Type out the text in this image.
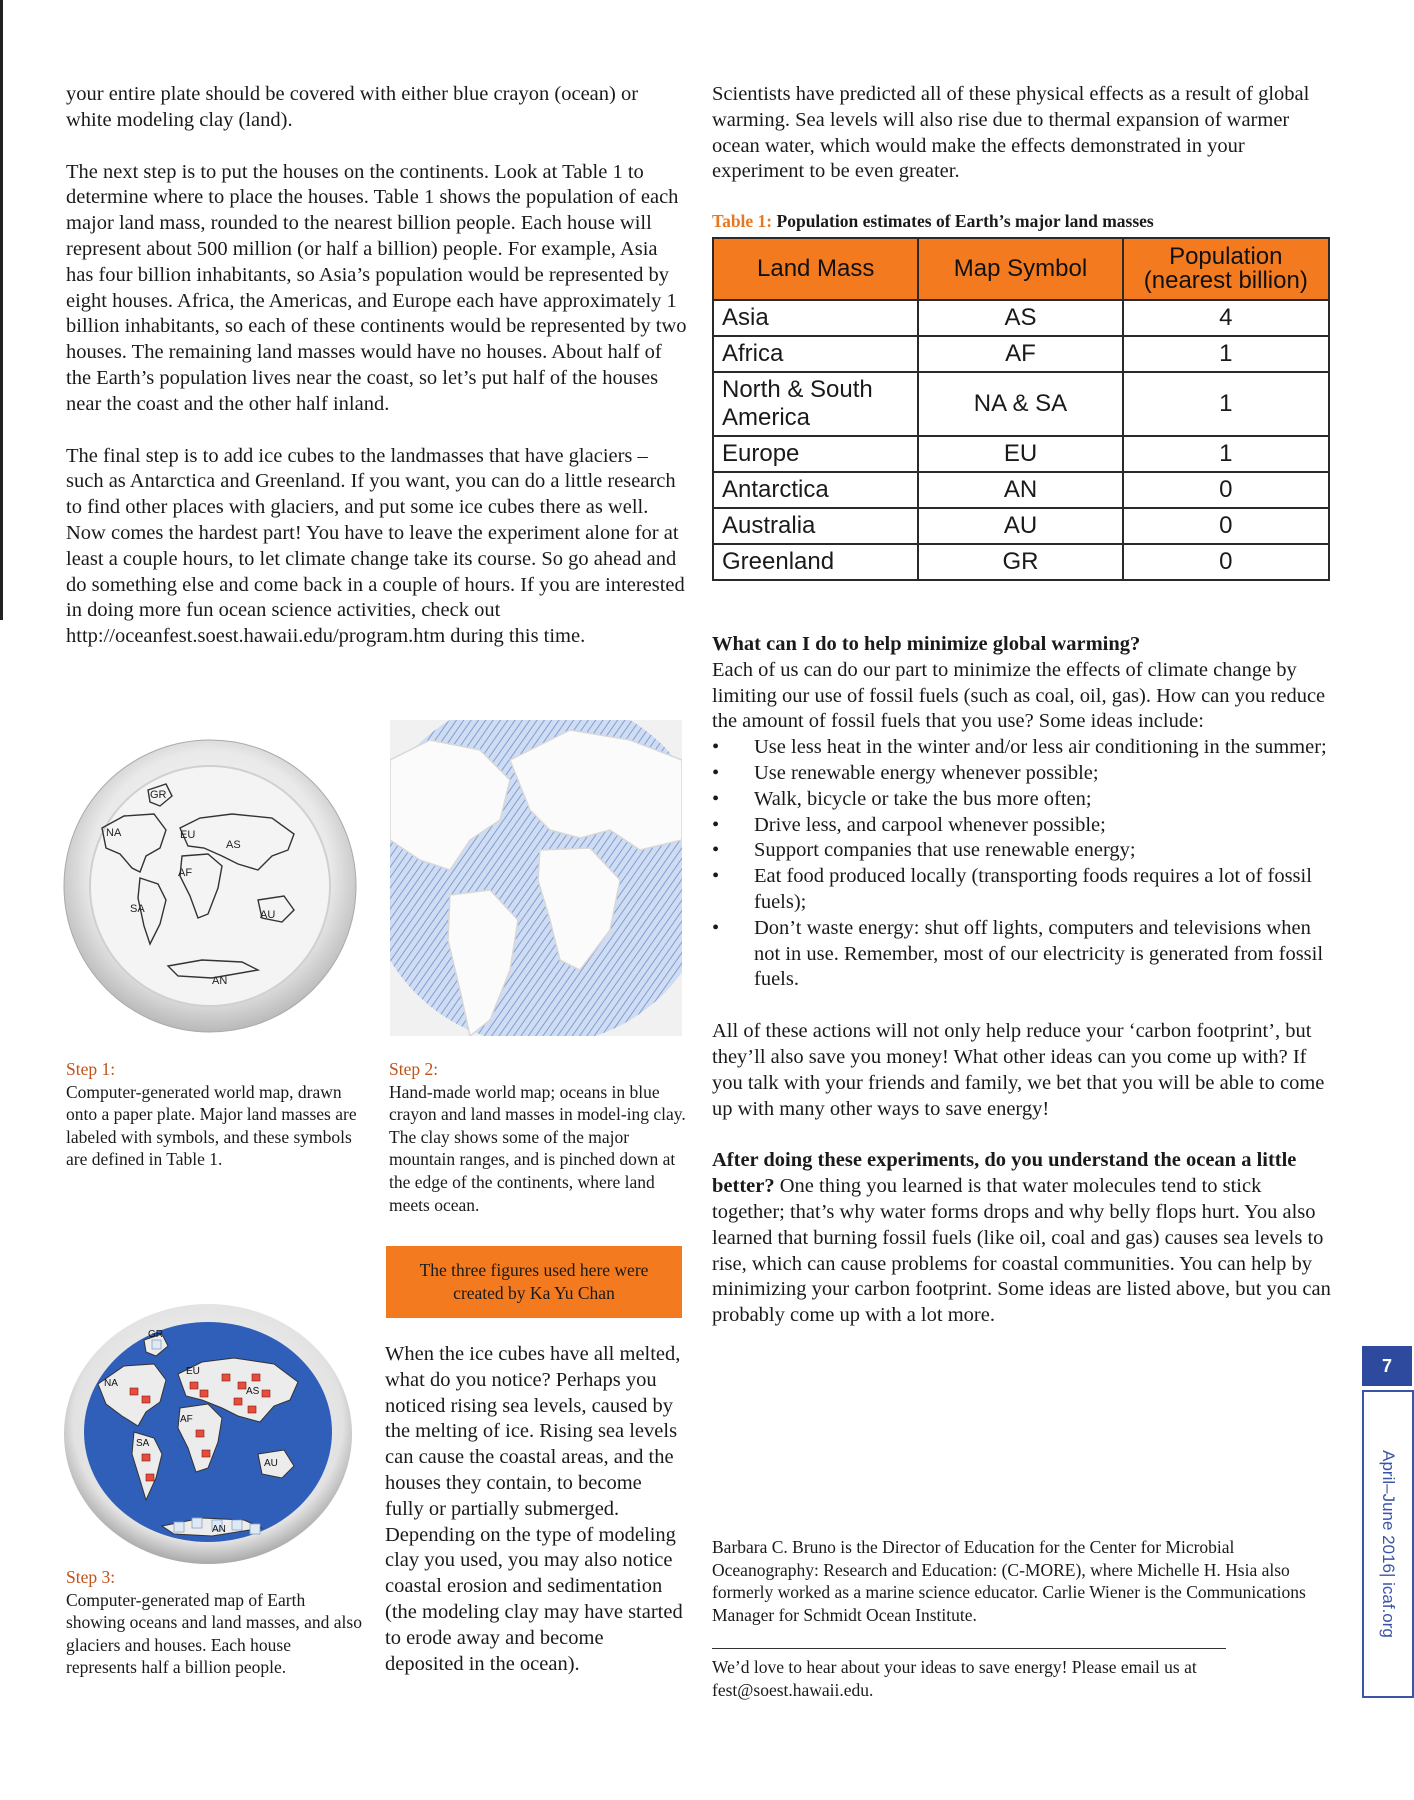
your entire plate should be covered with either blue crayon (ocean) or white modeling clay (land).

The next step is to put the houses on the continents. Look at Table 1 to determine where to place the houses. Table 1 shows the population of each major land mass, rounded to the nearest billion people. Each house will represent about 500 million (or half a billion) people. For example, Asia has four billion inhabitants, so Asia’s population would be represented by eight houses. Africa, the Americas, and Europe each have approximately 1 billion inhabitants, so each of these continents would be represented by two houses. The remaining land masses would have no houses. About half of the Earth’s population lives near the coast, so let’s put half of the houses near the coast and the other half inland.

The final step is to add ice cubes to the landmasses that have glaciers – such as Antarctica and Greenland. If you want, you can do a little research to find other places with glaciers, and put some ice cubes there as well. Now comes the hardest part! You have to leave the experiment alone for at least a couple hours, to let climate change take its course. So go ahead and do something else and come back in a couple of hours. If you are interested in doing more fun ocean science activities, check out http://oceanfest.soest.hawaii.edu/program.htm during this time.

GR
NA	EU
AS
AF
SA	AU
AN
Step 1:
Computer-generated world map, drawn onto a paper plate. Major land masses are labeled with symbols, and these symbols are defined in Table 1.
Step 2:
Hand-made world map; oceans in blue crayon and land masses in model-ing clay. The clay shows some of the major mountain ranges, and is pinched down at the edge of the continents, where land meets ocean.
The three figures used here were created by Ka Yu Chan
GR
NA
EU
AS
AF
SA
AU
AN
Step 3:
Computer-generated map of Earth showing oceans and land masses, and also glaciers and houses. Each house represents half a billion people.
When the ice cubes have all melted, what do you notice? Perhaps you noticed rising sea levels, caused by the melting of ice. Rising sea levels can cause the coastal areas, and the houses they contain, to become fully or partially submerged. Depending on the type of modeling clay you used, you may also notice coastal erosion and sedimentation (the modeling clay may have started to erode away and become deposited in the ocean).
Scientists have predicted all of these physical effects as a result of global warming. Sea levels will also rise due to thermal expansion of warmer ocean water, which would make the effects demonstrated in your experiment to be even greater.
Table 1: Population estimates of Earth’s major land masses
Land Mass	Map Symbol	Population (nearest billion)
Asia	AS	4
Africa	AF	1
North & South America	NA & SA	1
Europe	EU	1
Antarctica	AN	0
Australia	AU	0
Greenland	GR	0
What can I do to help minimize global warming?
Each of us can do our part to minimize the effects of climate change by limiting our use of fossil fuels (such as coal, oil, gas). How can you reduce the amount of fossil fuels that you use? Some ideas include:
• Use less heat in the winter and/or less air conditioning in the summer;
• Use renewable energy whenever possible;
• Walk, bicycle or take the bus more often;
• Drive less, and carpool whenever possible;
• Support companies that use renewable energy;
• Eat food produced locally (transporting foods requires a lot of fossil fuels);
• Don’t waste energy: shut off lights, computers and televisions when not in use. Remember, most of our electricity is generated from fossil fuels.
All of these actions will not only help reduce your ‘carbon footprint’, but they’ll also save you money! What other ideas can you come up with? If you talk with your friends and family, we bet that you will be able to come up with many other ways to save energy!
After doing these experiments, do you understand the ocean a little better? One thing you learned is that water molecules tend to stick together; that’s why water forms drops and why belly flops hurt. You also learned that burning fossil fuels (like oil, coal and gas) causes sea levels to rise, which can cause problems for coastal communities. You can help by minimizing your carbon footprint. Some ideas are listed above, but you can probably come up with a lot more.
Barbara C. Bruno is the Director of Education for the Center for Microbial Oceanography: Research and Education: (C-MORE), where Michelle H. Hsia also formerly worked as a marine science educator. Carlie Wiener is the Communications Manager for Schmidt Ocean Institute.
We’d love to hear about your ideas to save energy! Please email us at fest@soest.hawaii.edu.
7
April–June 2016| icaf.org
